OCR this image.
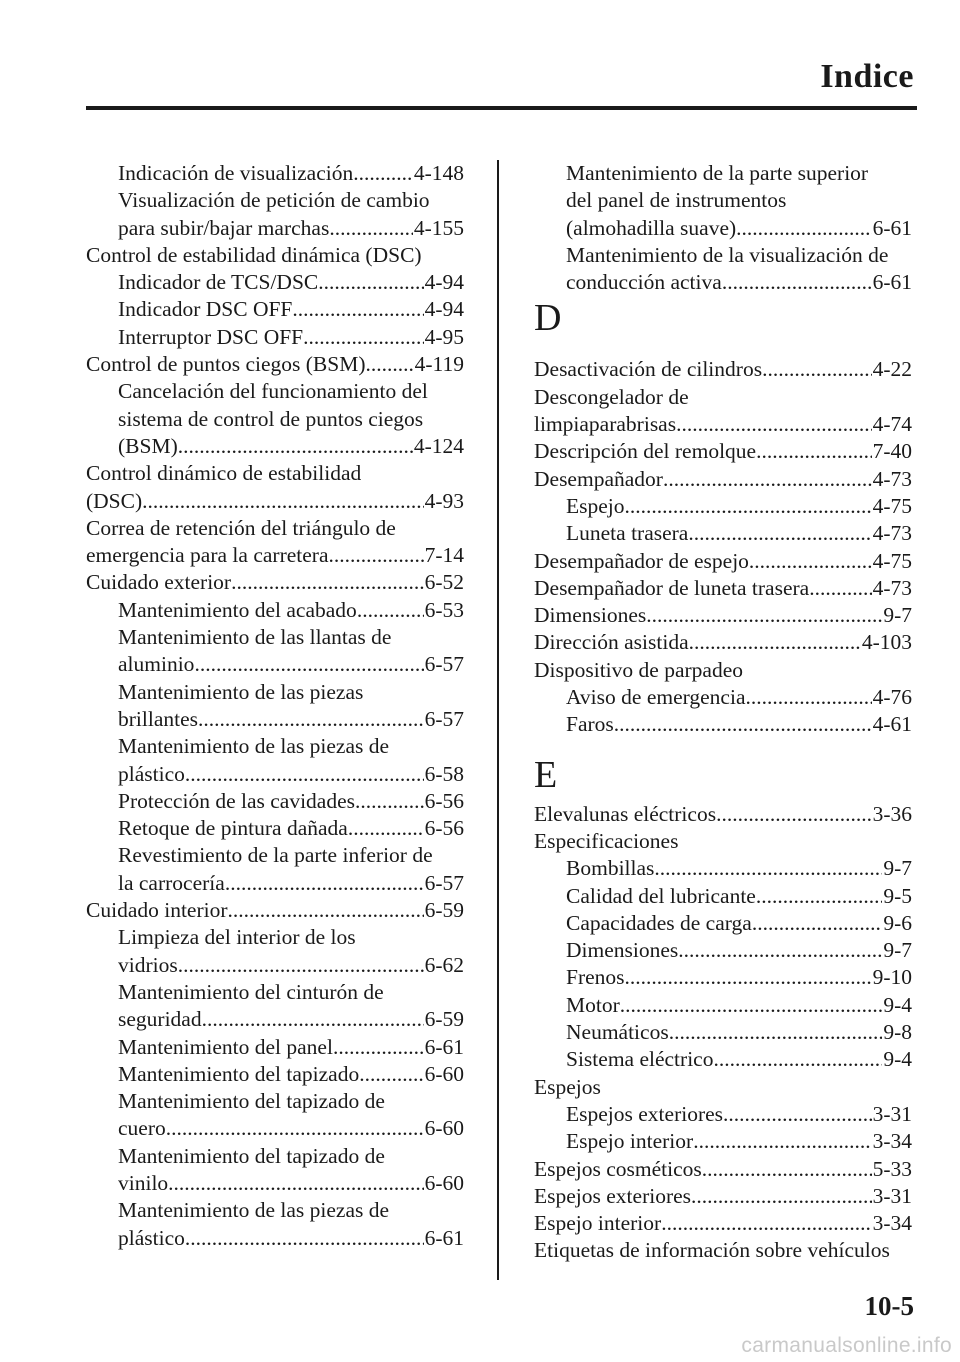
Indice
Indicación de visualización .....	4-148
Visualización de petición de cambio
para subir/bajar marchas .....	4-155
Control de estabilidad dinámica (DSC)
Indicador de TCS/DSC .....	4-94
Indicador DSC OFF .....	4-94
Interruptor DSC OFF .....	4-95
Control de puntos ciegos (BSM) ..... 4-119
Cancelación del funcionamiento del
sistema de control de puntos ciegos
(BSM) .....	4-124
Control dinámico de estabilidad
(DSC) .....	4-93
Correa de retención del triángulo de
emergencia para la carretera .....	7-14
Cuidado exterior .....	6-52
Mantenimiento del acabado .....	6-53
Mantenimiento de las llantas de
aluminio .....	6-57
Mantenimiento de las piezas
brillantes .....	6-57
Mantenimiento de las piezas de
plástico .....	6-58
Protección de las cavidades .....	6-56
Retoque de pintura dañada .....	6-56
Revestimiento de la parte inferior de
la carrocería .....	6-57
Cuidado interior .....	6-59
Limpieza del interior de los
vidrios .....	6-62
Mantenimiento del cinturón de
seguridad .....	6-59
Mantenimiento del panel .....	6-61
Mantenimiento del tapizado .....	6-60
Mantenimiento del tapizado de
cuero .....	6-60
Mantenimiento del tapizado de
vinilo .....	6-60
Mantenimiento de las piezas de
plástico .....	6-61
Mantenimiento de la parte superior
del panel de instrumentos
(almohadilla suave) .....	6-61
Mantenimiento de la visualización de
conducción activa .....	6-61
D
Desactivación de cilindros .....	4-22
Descongelador de
limpiaparabrisas .....	4-74
Descripción del remolque .....	7-40
Desempañador .....	4-73
Espejo .....	4-75
Luneta trasera .....	4-73
Desempañador de espejo .....	4-75
Desempañador de luneta trasera .....	4-73
Dimensiones .....	9-7
Dirección asistida .....	4-103
Dispositivo de parpadeo
Aviso de emergencia .....	4-76
Faros .....	4-61
E
Elevalunas eléctricos .....	3-36
Especificaciones
Bombillas .....	9-7
Calidad del lubricante .....	9-5
Capacidades de carga .....	9-6
Dimensiones .....	9-7
Frenos .....	9-10
Motor .....	9-4
Neumáticos .....	9-8
Sistema eléctrico .....	9-4
Espejos
Espejos exteriores .....	3-31
Espejo interior .....	3-34
Espejos cosméticos .....	5-33
Espejos exteriores .....	3-31
Espejo interior .....	3-34
Etiquetas de información sobre vehículos
10-5
carmanualsonline.info
